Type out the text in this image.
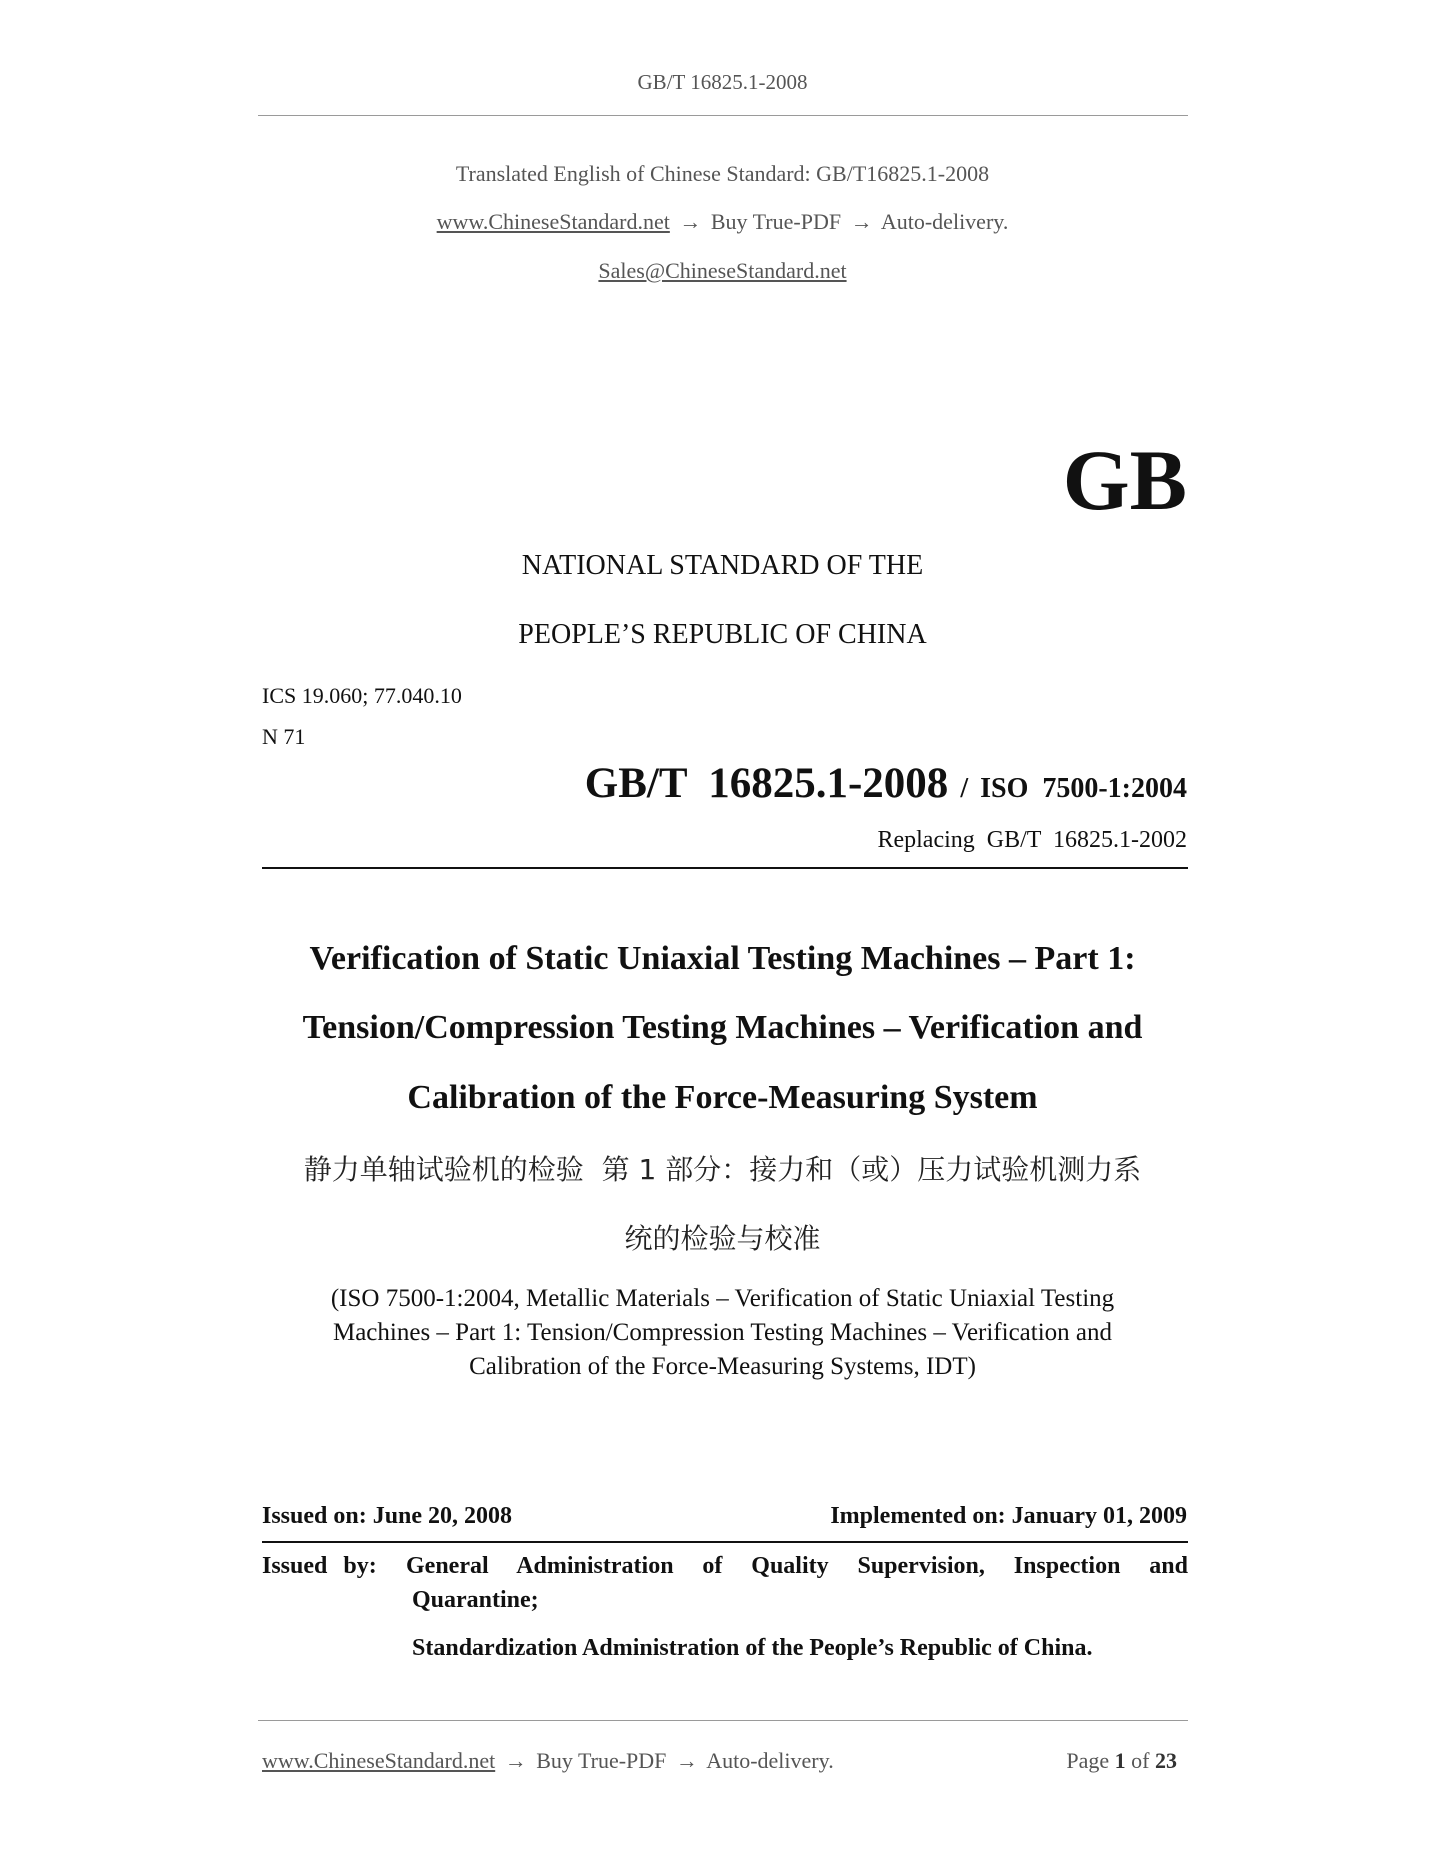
GB/T 16825.1-2008
Translated English of Chinese Standard: GB/T16825.1-2008
www.ChineseStandard.net → Buy True-PDF → Auto-delivery.
Sales@ChineseStandard.net
GB
NATIONAL STANDARD OF THE
PEOPLE’S REPUBLIC OF CHINA
ICS 19.060; 77.040.10
N 71
GB/T  16825.1-2008 / ISO  7500-1:2004
Replacing  GB/T  16825.1-2002
Verification of Static Uniaxial Testing Machines – Part 1:
Tension/Compression Testing Machines – Verification and
Calibration of the Force-Measuring System
静力单轴试验机的检验  第 1 部分：接力和（或）压力试验机测力系
统的检验与校准
(ISO 7500-1:2004, Metallic Materials – Verification of Static Uniaxial Testing
Machines – Part 1: Tension/Compression Testing Machines – Verification and
Calibration of the Force-Measuring Systems, IDT)
Issued on: June 20, 2008	Implemented on: January 01, 2009
Issued by: General Administration of Quality Supervision, Inspection and
Quarantine;
Standardization Administration of the People’s Republic of China.
www.ChineseStandard.net → Buy True-PDF → Auto-delivery.	Page 1 of 23
